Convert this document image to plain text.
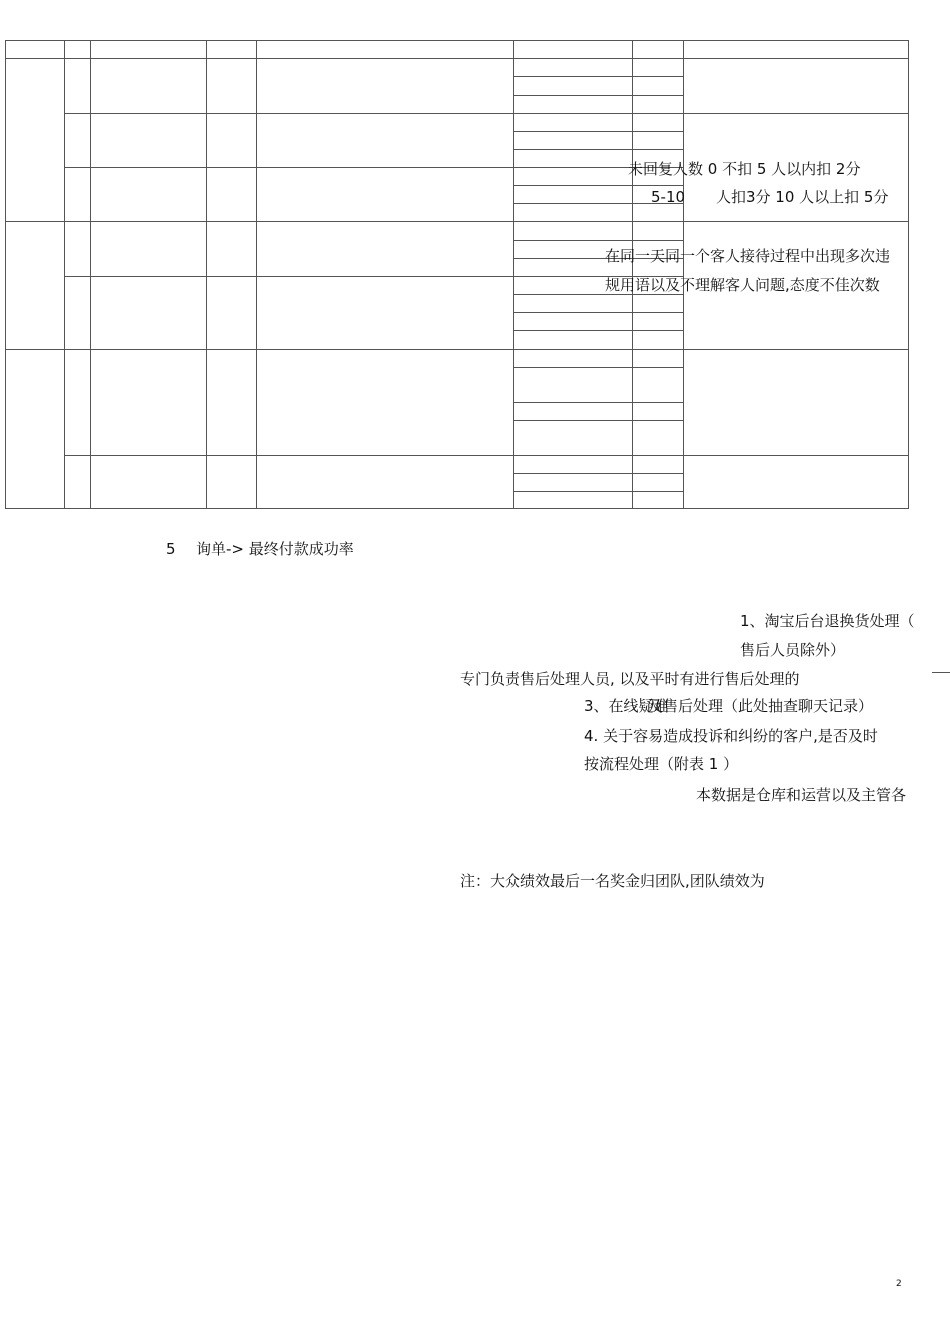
未回复人数 0 不扣 5 人以内扣 2分
5-10 人扣3分 10 人以上扣 5分
在同一天同一个客人接待过程中出现多次违
规用语以及不理解客人问题,态度不佳次数
5 询单-> 最终付款成功率
1、淘宝后台退换货处理（
售后人员除外）
专门负责售后处理人员, 以及平时有进行售后处理的
3、在线疑难
及售后处理（此处抽查聊天记录）
4. 关于容易造成投诉和纠纷的客户,是否及时
按流程处理（附表 1 ）
本数据是仓库和运营以及主管各
注：大众绩效最后一名奖金归团队,团队绩效为
2
